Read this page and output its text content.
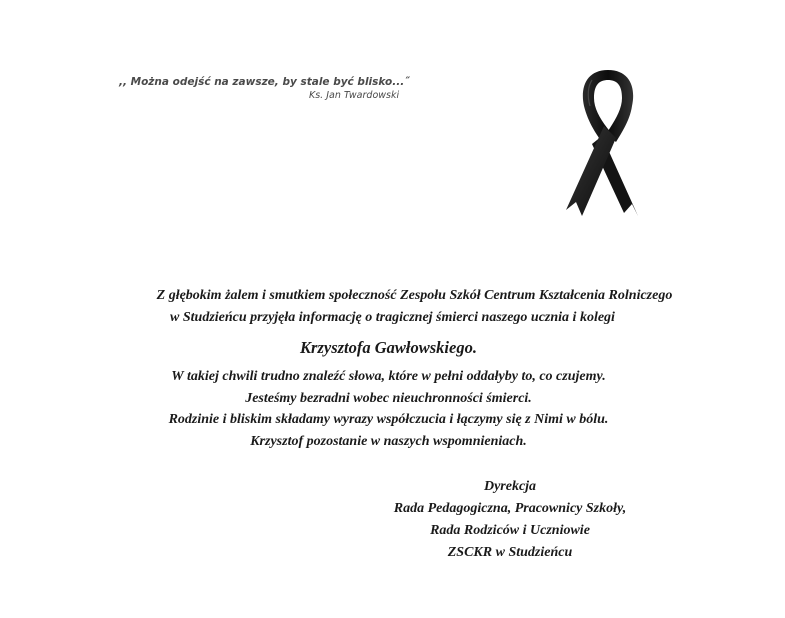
,, Można odejść na zawsze, by stale być blisko...˝
Ks. Jan Twardowski
Z głębokim żalem i smutkiem społeczność Zespołu Szkół Centrum Kształcenia Rolniczego
w Studzieńcu przyjęła informację o tragicznej śmierci naszego ucznia i kolegi
Krzysztofa Gawłowskiego.
W takiej chwili trudno znaleźć słowa, które w pełni oddałyby to, co czujemy.
Jesteśmy bezradni wobec nieuchronności śmierci.
Rodzinie i bliskim składamy wyrazy współczucia i łączymy się z Nimi w bólu.
Krzysztof pozostanie w naszych wspomnieniach.
Dyrekcja
Rada Pedagogiczna, Pracownicy Szkoły,
Rada Rodziców i Uczniowie
ZSCKR w Studzieńcu
